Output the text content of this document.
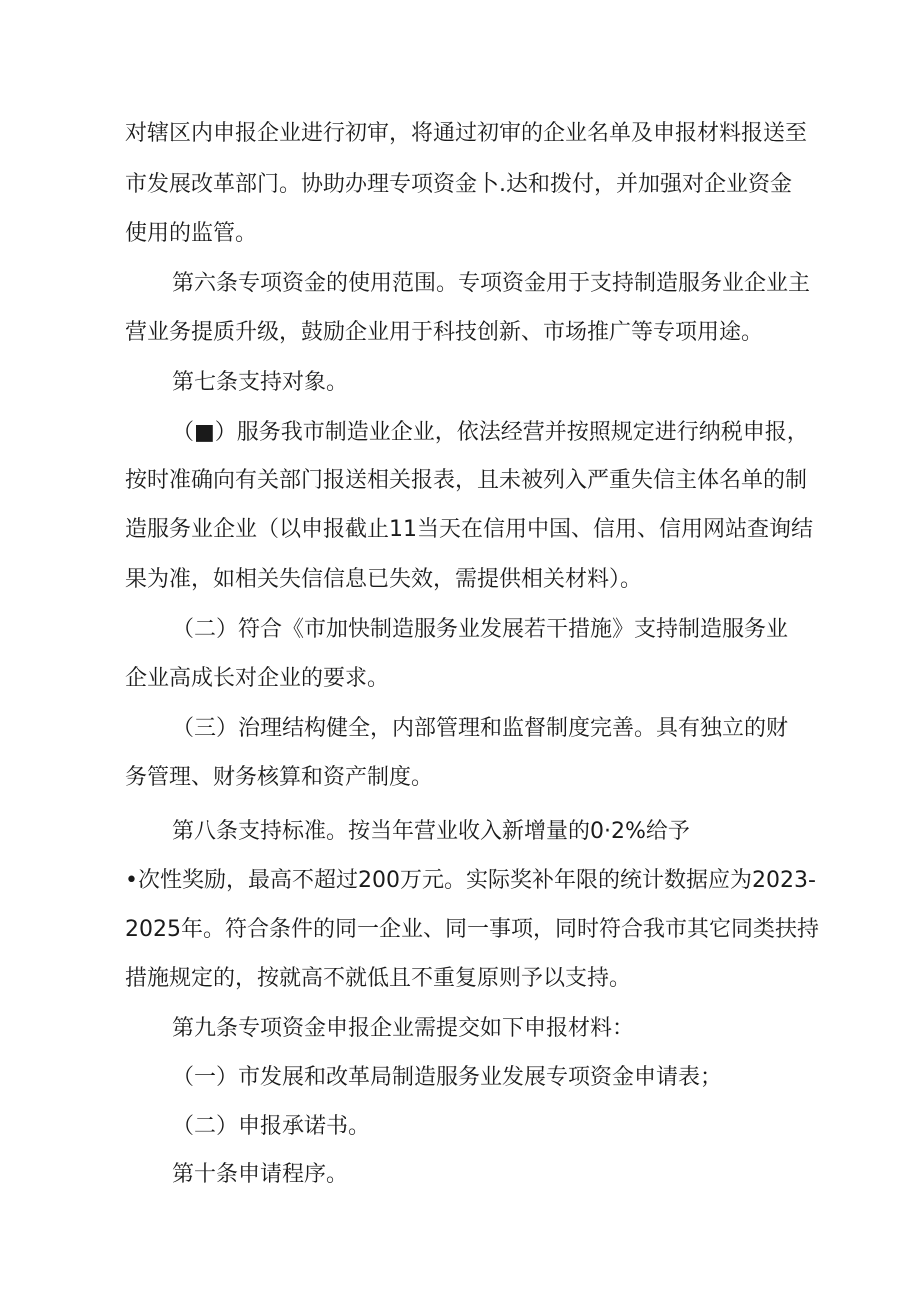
对辖区内申报企业进行初审，将通过初审的企业名单及申报材料报送至
市发展改革部门。协助办理专项资金卜.达和拨付，并加强对企业资金
使用的监管。
第六条专项资金的使用范围。专项资金用于支持制造服务业企业主
营业务提质升级，鼓励企业用于科技创新、市场推广等专项用途。
第七条支持对象。
（■）服务我市制造业企业，依法经营并按照规定进行纳税申报，
按时准确向有关部门报送相关报表，且未被列入严重失信主体名单的制
造服务业企业（以申报截止11当天在信用中国、信用、信用网站查询结
果为准，如相关失信信息已失效，需提供相关材料）。
（二）符合《市加快制造服务业发展若干措施》支持制造服务业
企业高成长对企业的要求。
（三）治理结构健全，内部管理和监督制度完善。具有独立的财
务管理、财务核算和资产制度。
第八条支持标准。按当年营业收入新增量的0·2%给予
•次性奖励，最高不超过200万元。实际奖补年限的统计数据应为2023-
2025年。符合条件的同一企业、同一事项，同时符合我市其它同类扶持
措施规定的，按就高不就低且不重复原则予以支持。
第九条专项资金申报企业需提交如下申报材料：
（一）市发展和改革局制造服务业发展专项资金申请表；
（二）申报承诺书。
第十条申请程序。
